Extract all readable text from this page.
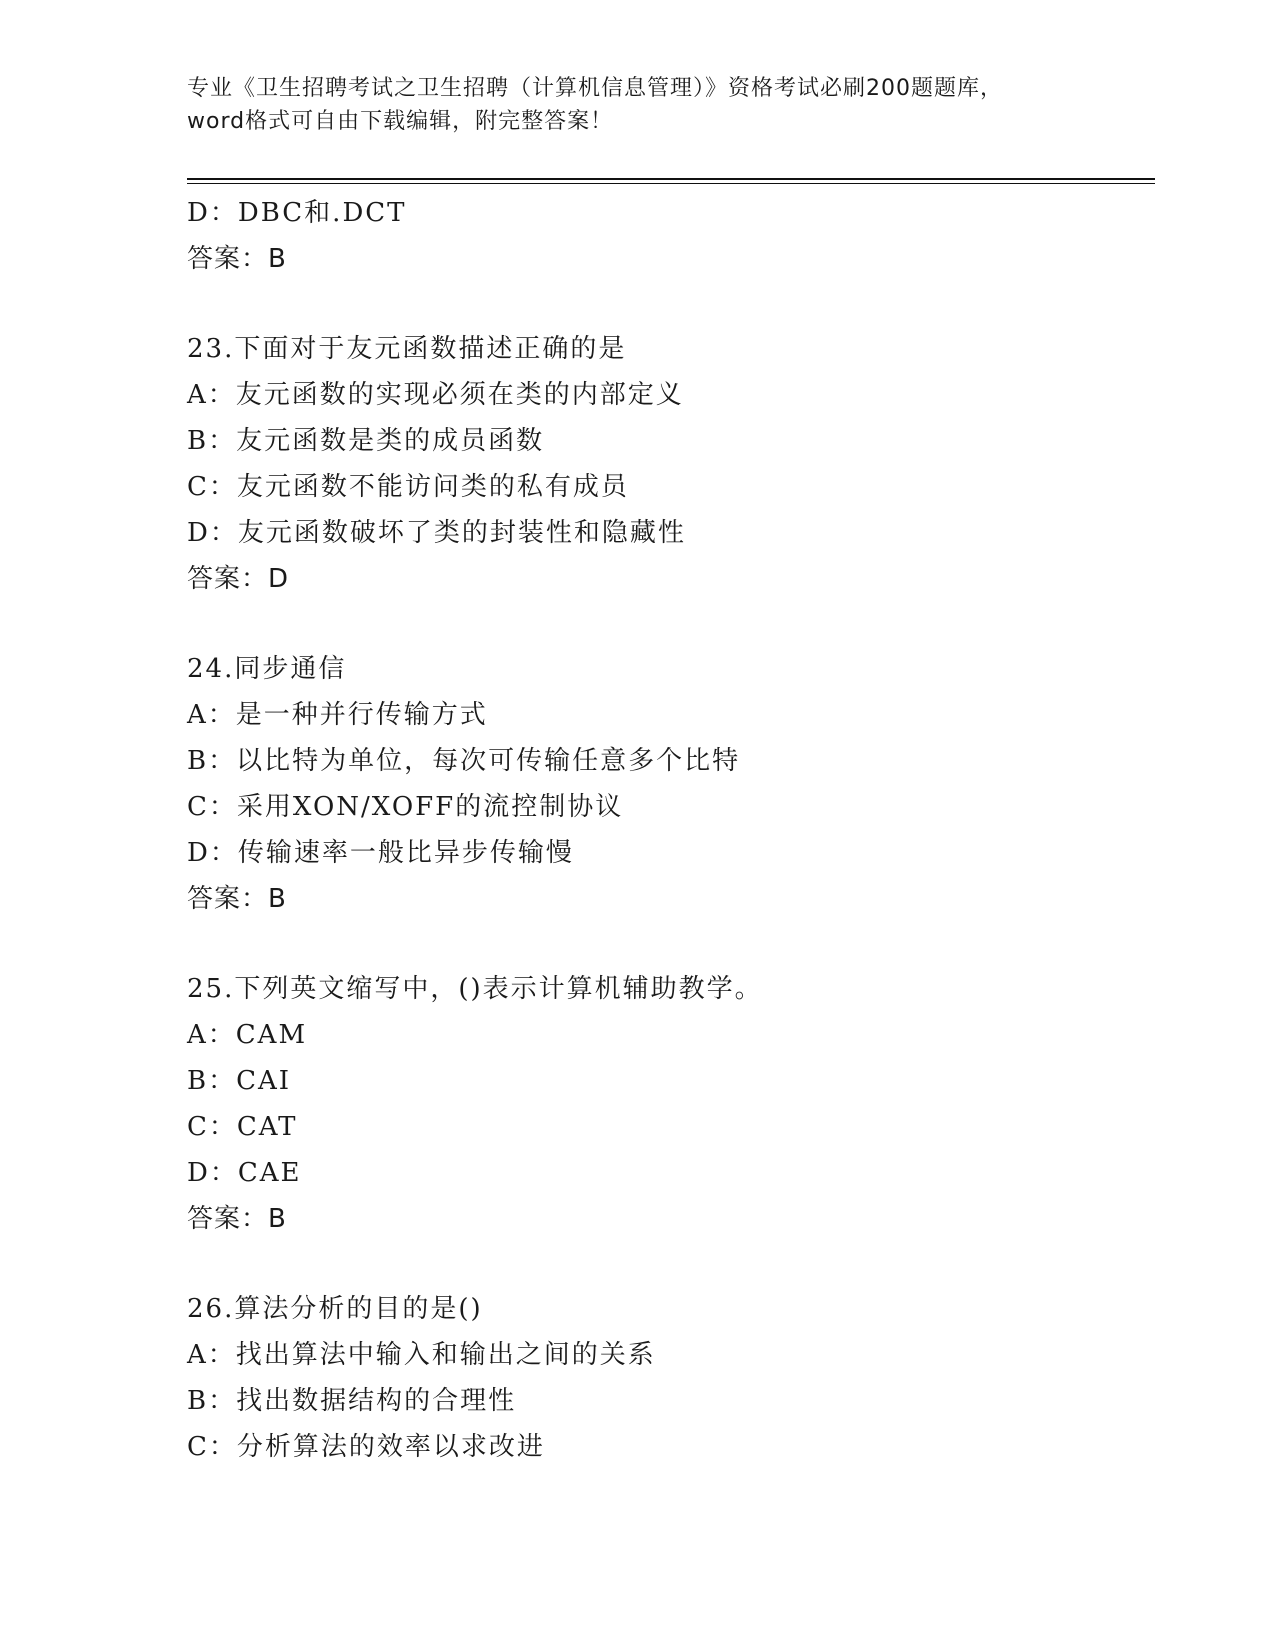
专业《卫生招聘考试之卫生招聘（计算机信息管理）》资格考试必刷200题题库，
word格式可自由下载编辑，附完整答案！
D：DBC和.DCT
答案：B
23.下面对于友元函数描述正确的是
A：友元函数的实现必须在类的内部定义
B：友元函数是类的成员函数
C：友元函数不能访问类的私有成员
D：友元函数破坏了类的封装性和隐藏性
答案：D
24.同步通信
A：是一种并行传输方式
B：以比特为单位，每次可传输任意多个比特
C：采用XON/XOFF的流控制协议
D：传输速率一般比异步传输慢
答案：B
25.下列英文缩写中，()表示计算机辅助教学。
A：CAM
B：CAI
C：CAT
D：CAE
答案：B
26.算法分析的目的是()
A：找出算法中输入和输出之间的关系
B：找出数据结构的合理性
C：分析算法的效率以求改进
